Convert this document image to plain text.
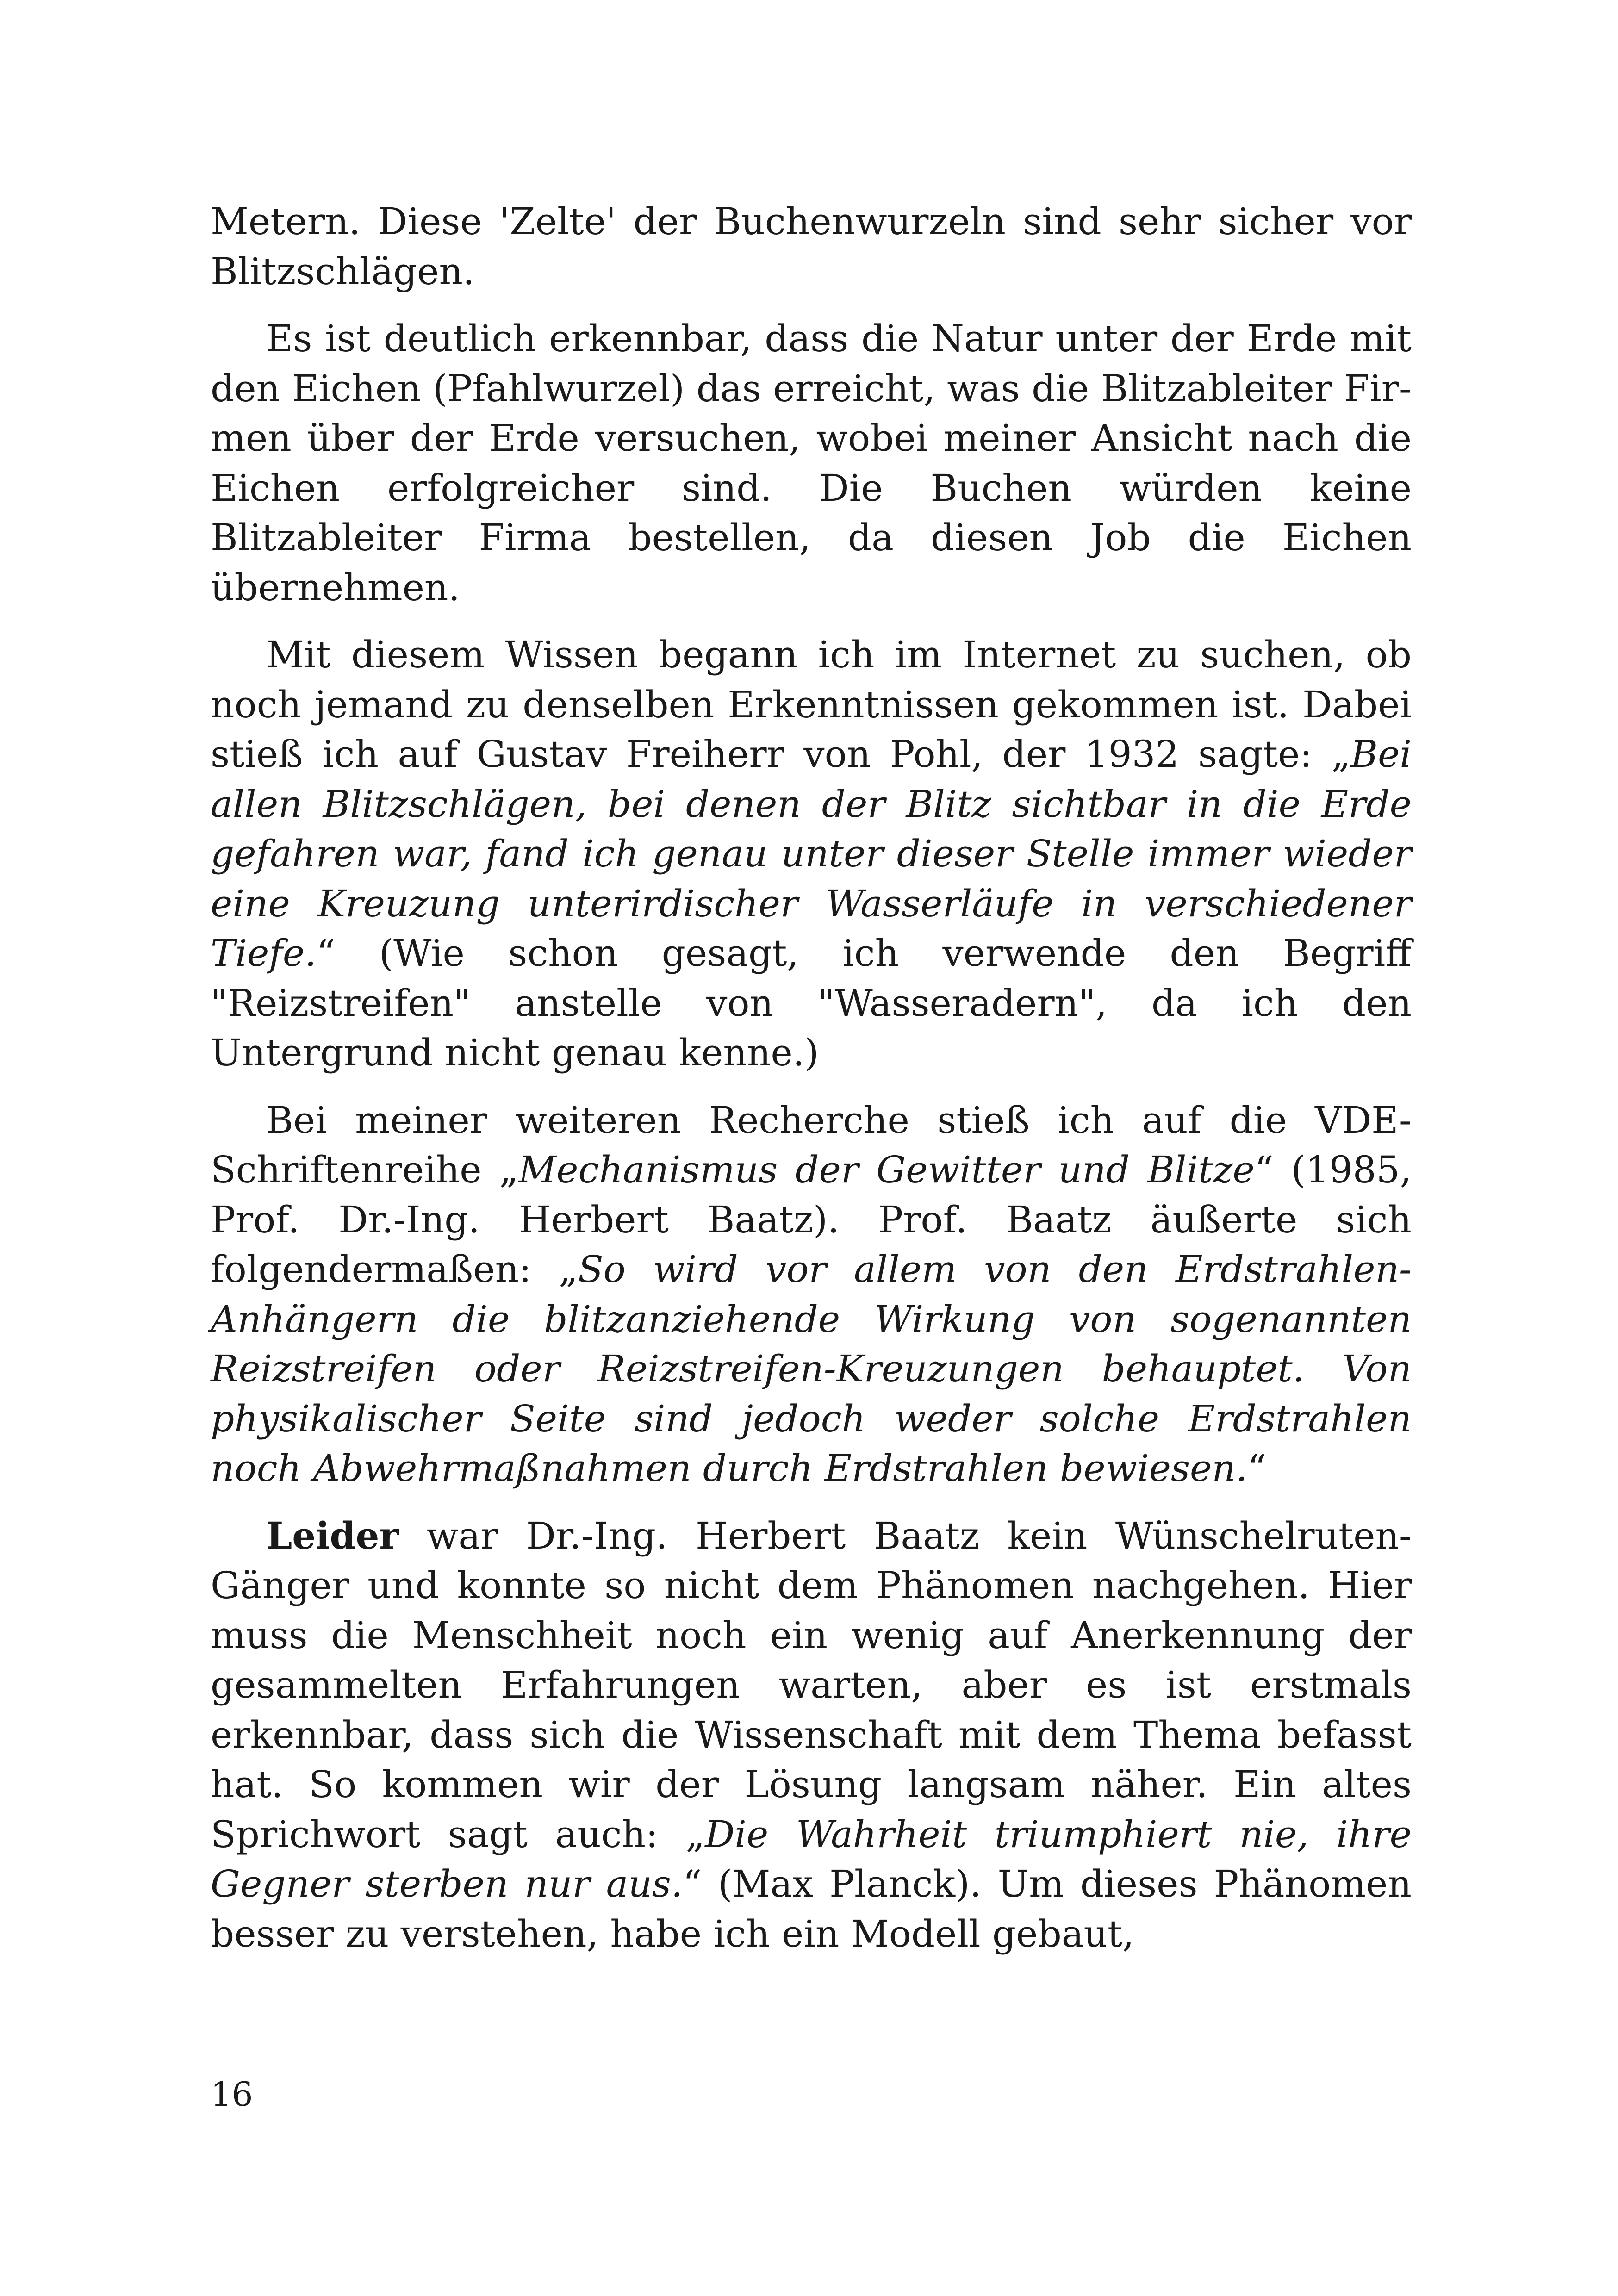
Metern. Diese 'Zelte' der Buchenwurzeln sind sehr sicher vor Blitzschlägen.

Es ist deutlich erkennbar, dass die Natur unter der Erde mit den Eichen (Pfahlwurzel) das erreicht, was die Blitzableiter Firmen über der Erde versuchen, wobei meiner Ansicht nach die Eichen erfolgreicher sind. Die Buchen würden keine Blitzableiter Firma bestellen, da diesen Job die Eichen übernehmen.

Mit diesem Wissen begann ich im Internet zu suchen, ob noch jemand zu denselben Erkenntnissen gekommen ist. Dabei stieß ich auf Gustav Freiherr von Pohl, der 1932 sagte: „Bei allen Blitzschlägen, bei denen der Blitz sichtbar in die Erde gefahren war, fand ich genau unter dieser Stelle immer wieder eine Kreuzung unterirdischer Wasserläufe in verschiedener Tiefe.“ (Wie schon gesagt, ich verwende den Begriff "Reizstreifen" anstelle von "Wasseradern", da ich den Untergrund nicht genau kenne.)

Bei meiner weiteren Recherche stieß ich auf die VDE-Schriftenreihe „Mechanismus der Gewitter und Blitze“ (1985, Prof. Dr.-Ing. Herbert Baatz). Prof. Baatz äußerte sich folgendermaßen: „So wird vor allem von den Erdstrahlen-Anhängern die blitzanziehende Wirkung von sogenannten Reizstreifen oder Reizstreifen-Kreuzungen behauptet. Von physikalischer Seite sind jedoch weder solche Erdstrahlen noch Abwehrmaßnahmen durch Erdstrahlen bewiesen.“

Leider war Dr.-Ing. Herbert Baatz kein Wünschelruten- Gänger und konnte so nicht dem Phänomen nachgehen. Hier muss die Menschheit noch ein wenig auf Anerkennung der gesammelten Erfahrungen warten, aber es ist erstmals erkennbar, dass sich die Wissenschaft mit dem Thema befasst hat. So kommen wir der Lösung langsam näher. Ein altes Sprichwort sagt auch: „Die Wahrheit triumphiert nie, ihre Gegner sterben nur aus.“ (Max Planck). Um dieses Phänomen besser zu verstehen, habe ich ein Modell gebaut,

16
